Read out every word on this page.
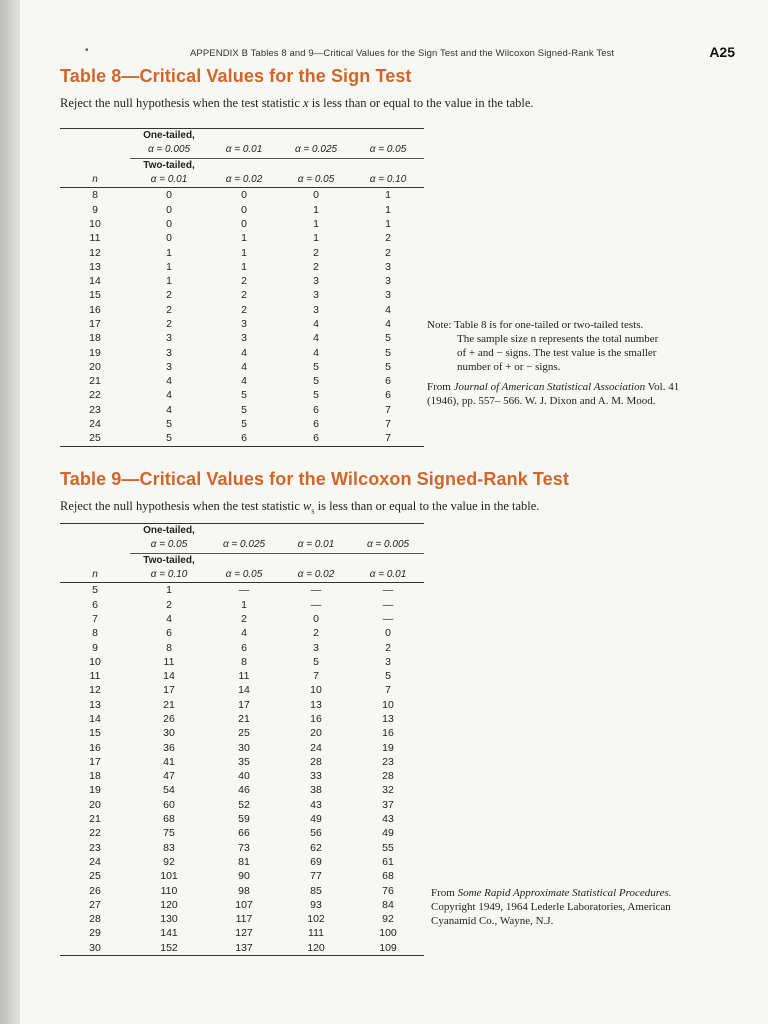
•	APPENDIX B Tables 8 and 9—Critical Values for the Sign Test and the Wilcoxon Signed-Rank Test	A25
Table 8—Critical Values for the Sign Test
Reject the null hypothesis when the test statistic x is less than or equal to the value in the table.
	One-tailed,			
	α = 0.005	α = 0.01	α = 0.025	α = 0.05
	Two-tailed,			
n	α = 0.01	α = 0.02	α = 0.05	α = 0.10
8	0	0	0	1
9	0	0	1	1
10	0	0	1	1
11	0	1	1	2
12	1	1	2	2
13	1	1	2	3
14	1	2	3	3
15	2	2	3	3
16	2	2	3	4
17	2	3	4	4
18	3	3	4	5
19	3	4	4	5
20	3	4	5	5
21	4	4	5	6
22	4	5	5	6
23	4	5	6	7
24	5	5	6	7
25	5	6	6	7
Note: Table 8 is for one-tailed or two-tailed tests.
The sample size n represents the total number
of + and − signs. The test value is the smaller
number of + or − signs.
From Journal of American Statistical Association Vol. 41
(1946), pp. 557– 566. W. J. Dixon and A. M. Mood.
Table 9—Critical Values for the Wilcoxon Signed-Rank Test
Reject the null hypothesis when the test statistic $w_s$ is less than or equal to the value in the table.
	One-tailed,			
	α = 0.05	α = 0.025	α = 0.01	α = 0.005
	Two-tailed,			
n	α = 0.10	α = 0.05	α = 0.02	α = 0.01
5	1	—	—	—
6	2	1	—	—
7	4	2	0	—
8	6	4	2	0
9	8	6	3	2
10	11	8	5	3
11	14	11	7	5
12	17	14	10	7
13	21	17	13	10
14	26	21	16	13
15	30	25	20	16
16	36	30	24	19
17	41	35	28	23
18	47	40	33	28
19	54	46	38	32
20	60	52	43	37
21	68	59	49	43
22	75	66	56	49
23	83	73	62	55
24	92	81	69	61
25	101	90	77	68
26	110	98	85	76
27	120	107	93	84
28	130	117	102	92
29	141	127	111	100
30	152	137	120	109
From Some Rapid Approximate Statistical Procedures.
Copyright 1949, 1964 Lederle Laboratories, American
Cyanamid Co., Wayne, N.J.
